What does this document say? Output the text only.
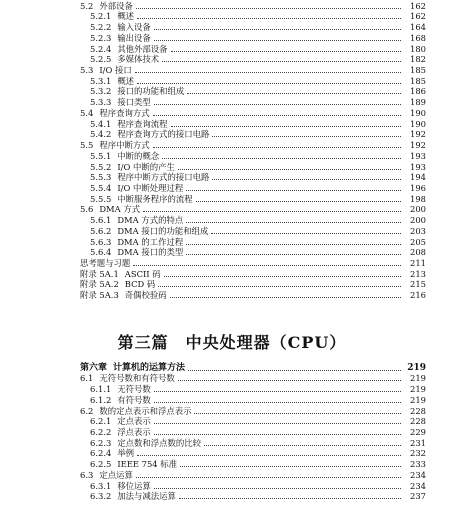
5.2 外部设备	162
5.2.1 概述	162
5.2.2 输入设备	164
5.2.3 输出设备	168
5.2.4 其他外部设备	180
5.2.5 多媒体技术	182
5.3 I/O 接口	185
5.3.1 概述	185
5.3.2 接口的功能和组成	186
5.3.3 接口类型	189
5.4 程序查询方式	190
5.4.1 程序查询流程	190
5.4.2 程序查询方式的接口电路	192
5.5 程序中断方式	192
5.5.1 中断的概念	193
5.5.2 I/O 中断的产生	193
5.5.3 程序中断方式的接口电路	194
5.5.4 I/O 中断处理过程	196
5.5.5 中断服务程序的流程	198
5.6 DMA 方式	200
5.6.1 DMA 方式的特点	200
5.6.2 DMA 接口的功能和组成	203
5.6.3 DMA 的工作过程	205
5.6.4 DMA 接口的类型	208
思考题与习题	211
附录 5A.1 ASCII 码	213
附录 5A.2 BCD 码	215
附录 5A.3 奇偶校验码	216
第三篇　中央处理器（CPU）
第六章 计算机的运算方法	219
6.1 无符号数和有符号数	219
6.1.1 无符号数	219
6.1.2 有符号数	219
6.2 数的定点表示和浮点表示	228
6.2.1 定点表示	228
6.2.2 浮点表示	229
6.2.3 定点数和浮点数的比较	231
6.2.4 举例	232
6.2.5 IEEE 754 标准	233
6.3 定点运算	234
6.3.1 移位运算	234
6.3.2 加法与减法运算	237
